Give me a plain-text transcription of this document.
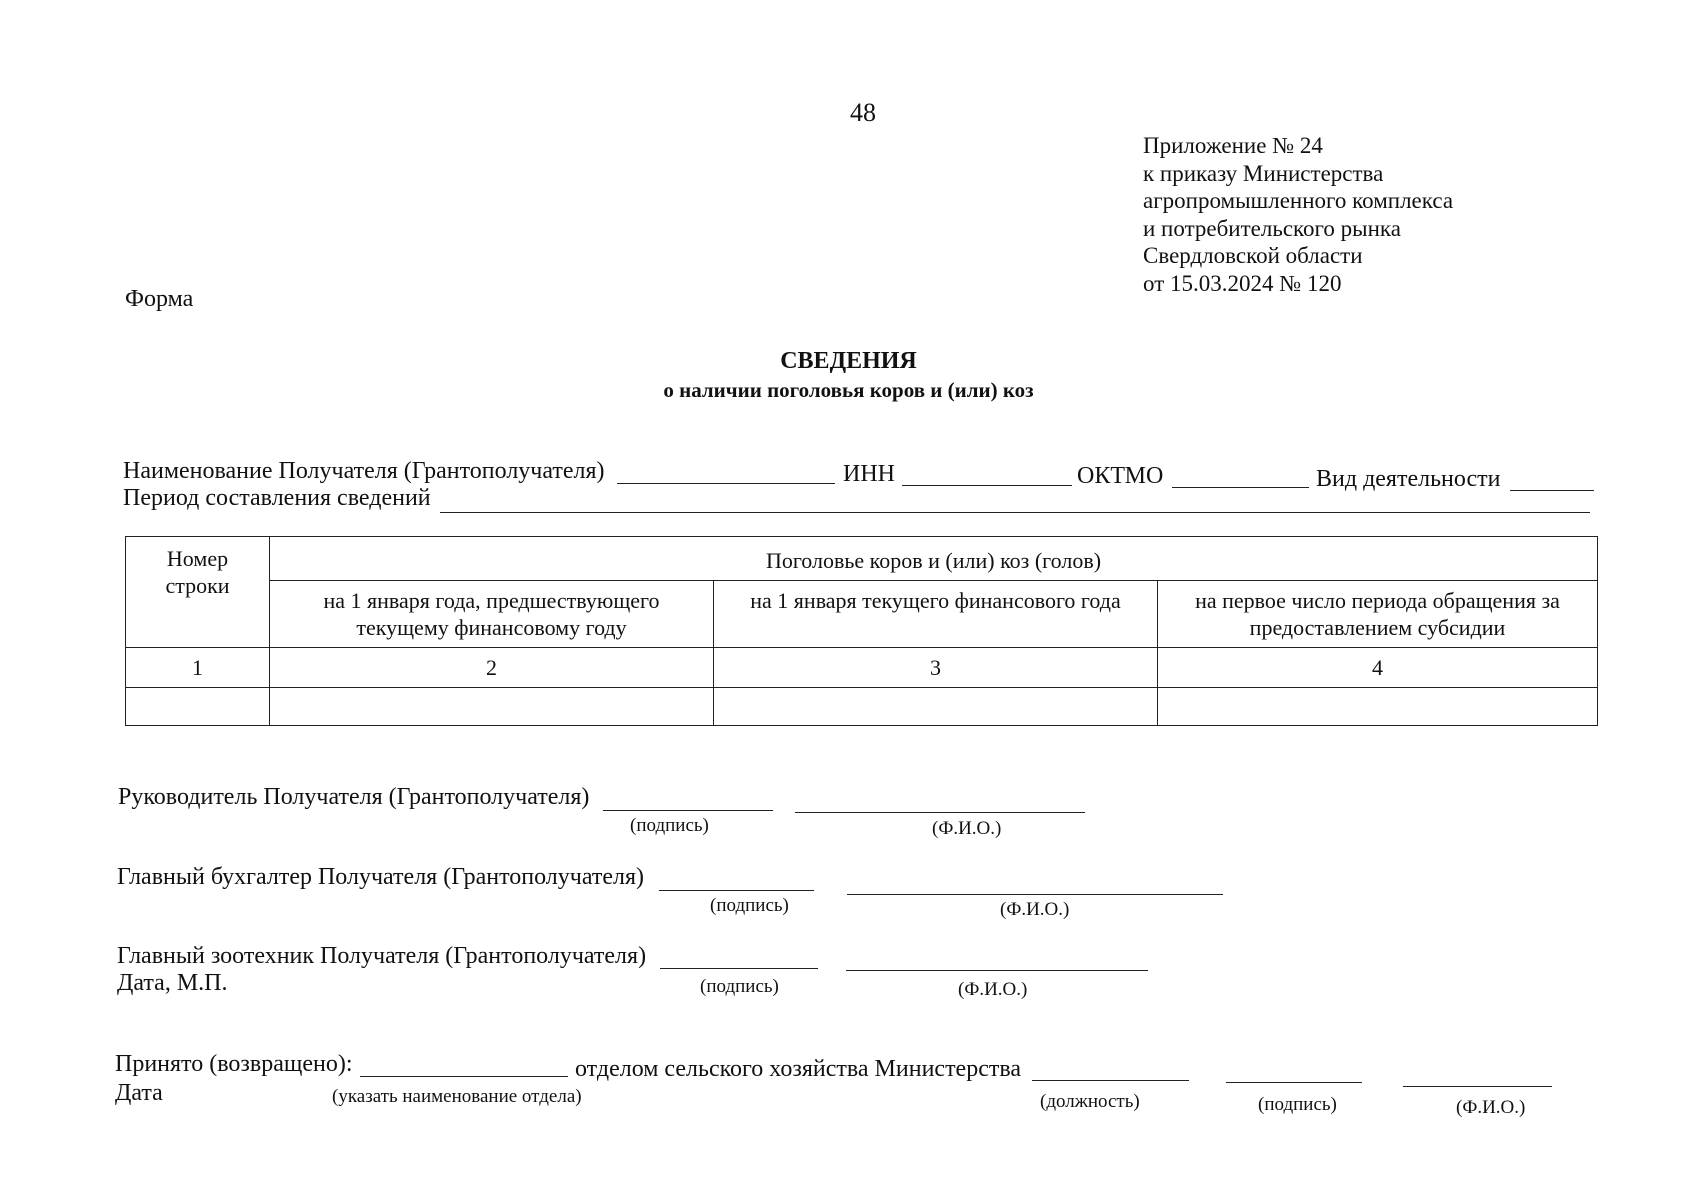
48
Приложение № 24
к приказу Министерства
агропромышленного комплекса
и потребительского рынка
Свердловской области
от 15.03.2024 № 120
Форма
СВЕДЕНИЯ
о наличии поголовья коров и (или) коз
Наименование Получателя (Грантополучателя)	ИНН	ОКТМО	Вид деятельности
Период составления сведений
Номер строки	Поголовье коров и (или) коз (голов)		
	на 1 января года, предшествующего текущему финансовому году	на 1 января текущего финансового года	на первое число периода обращения за предоставлением субсидии
1	2	3	4

Руководитель Получателя (Грантополучателя)
(подпись)	(Ф.И.О.)
Главный бухгалтер Получателя (Грантополучателя)
(подпись)	(Ф.И.О.)
Главный зоотехник Получателя (Грантополучателя)
Дата, М.П.	(подпись)	(Ф.И.О.)
Принято (возвращено):	отделом сельского хозяйства Министерства
Дата	(указать наименование отдела)	(должность)	(подпись)	(Ф.И.О.)
